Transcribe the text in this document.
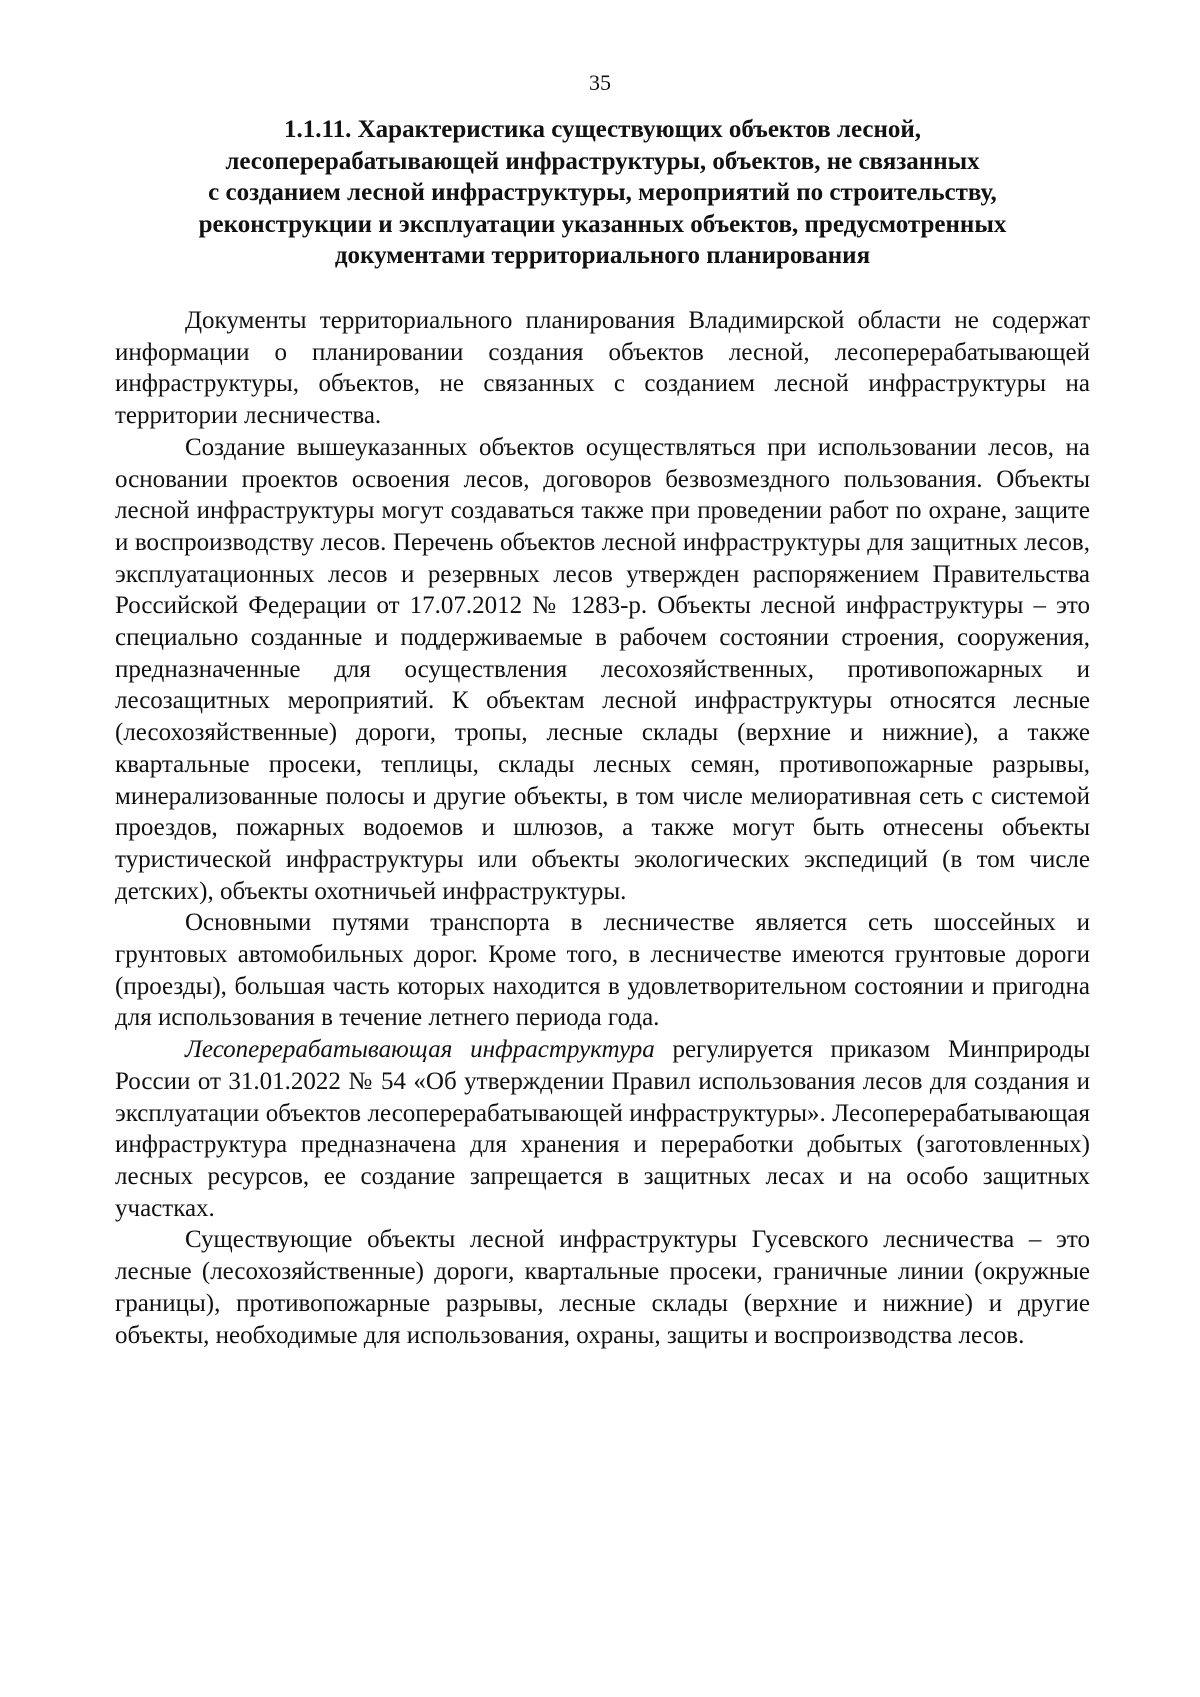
35
1.1.11. Характеристика существующих объектов лесной,
лесоперерабатывающей инфраструктуры, объектов, не связанных
с созданием лесной инфраструктуры, мероприятий по строительству,
реконструкции и эксплуатации указанных объектов, предусмотренных
документами территориального планирования

Документы территориального планирования Владимирской области не содержат информации о планировании создания объектов лесной, лесоперерабатывающей инфраструктуры, объектов, не связанных с созданием лесной инфраструктуры на территории лесничества.

Создание вышеуказанных объектов осуществляться при использовании лесов, на основании проектов освоения лесов, договоров безвозмездного пользования. Объекты лесной инфраструктуры могут создаваться также при проведении работ по охране, защите и воспроизводству лесов. Перечень объектов лесной инфраструктуры для защитных лесов, эксплуатационных лесов и резервных лесов утвержден распоряжением Правительства Российской Федерации от 17.07.2012 № 1283-р. Объекты лесной инфраструктуры – это специально созданные и поддерживаемые в рабочем состоянии строения, сооружения, предназначенные для осуществления лесохозяйственных, противопожарных и лесозащитных мероприятий. К объектам лесной инфраструктуры относятся лесные (лесохозяйственные) дороги, тропы, лесные склады (верхние и нижние), а также квартальные просеки, теплицы, склады лесных семян, противопожарные разрывы, минерализованные полосы и другие объекты, в том числе мелиоративная сеть с системой проездов, пожарных водоемов и шлюзов, а также могут быть отнесены объекты туристической инфраструктуры или объекты экологических экспедиций (в том числе детских), объекты охотничьей инфраструктуры.

Основными путями транспорта в лесничестве является сеть шоссейных и грунтовых автомобильных дорог. Кроме того, в лесничестве имеются грунтовые дороги (проезды), большая часть которых находится в удовлетворительном состоянии и пригодна для использования в течение летнего периода года.

Лесоперерабатывающая инфраструктура регулируется приказом Минприроды России от 31.01.2022 № 54 «Об утверждении Правил использования лесов для создания и эксплуатации объектов лесоперерабатывающей инфраструктуры». Лесоперерабатывающая инфраструктура предназначена для хранения и переработки добытых (заготовленных) лесных ресурсов, ее создание запрещается в защитных лесах и на особо защитных участках.

Существующие объекты лесной инфраструктуры Гусевского лесничества – это лесные (лесохозяйственные) дороги, квартальные просеки, граничные линии (окружные границы), противопожарные разрывы, лесные склады (верхние и нижние) и другие объекты, необходимые для использования, охраны, защиты и воспроизводства лесов.
